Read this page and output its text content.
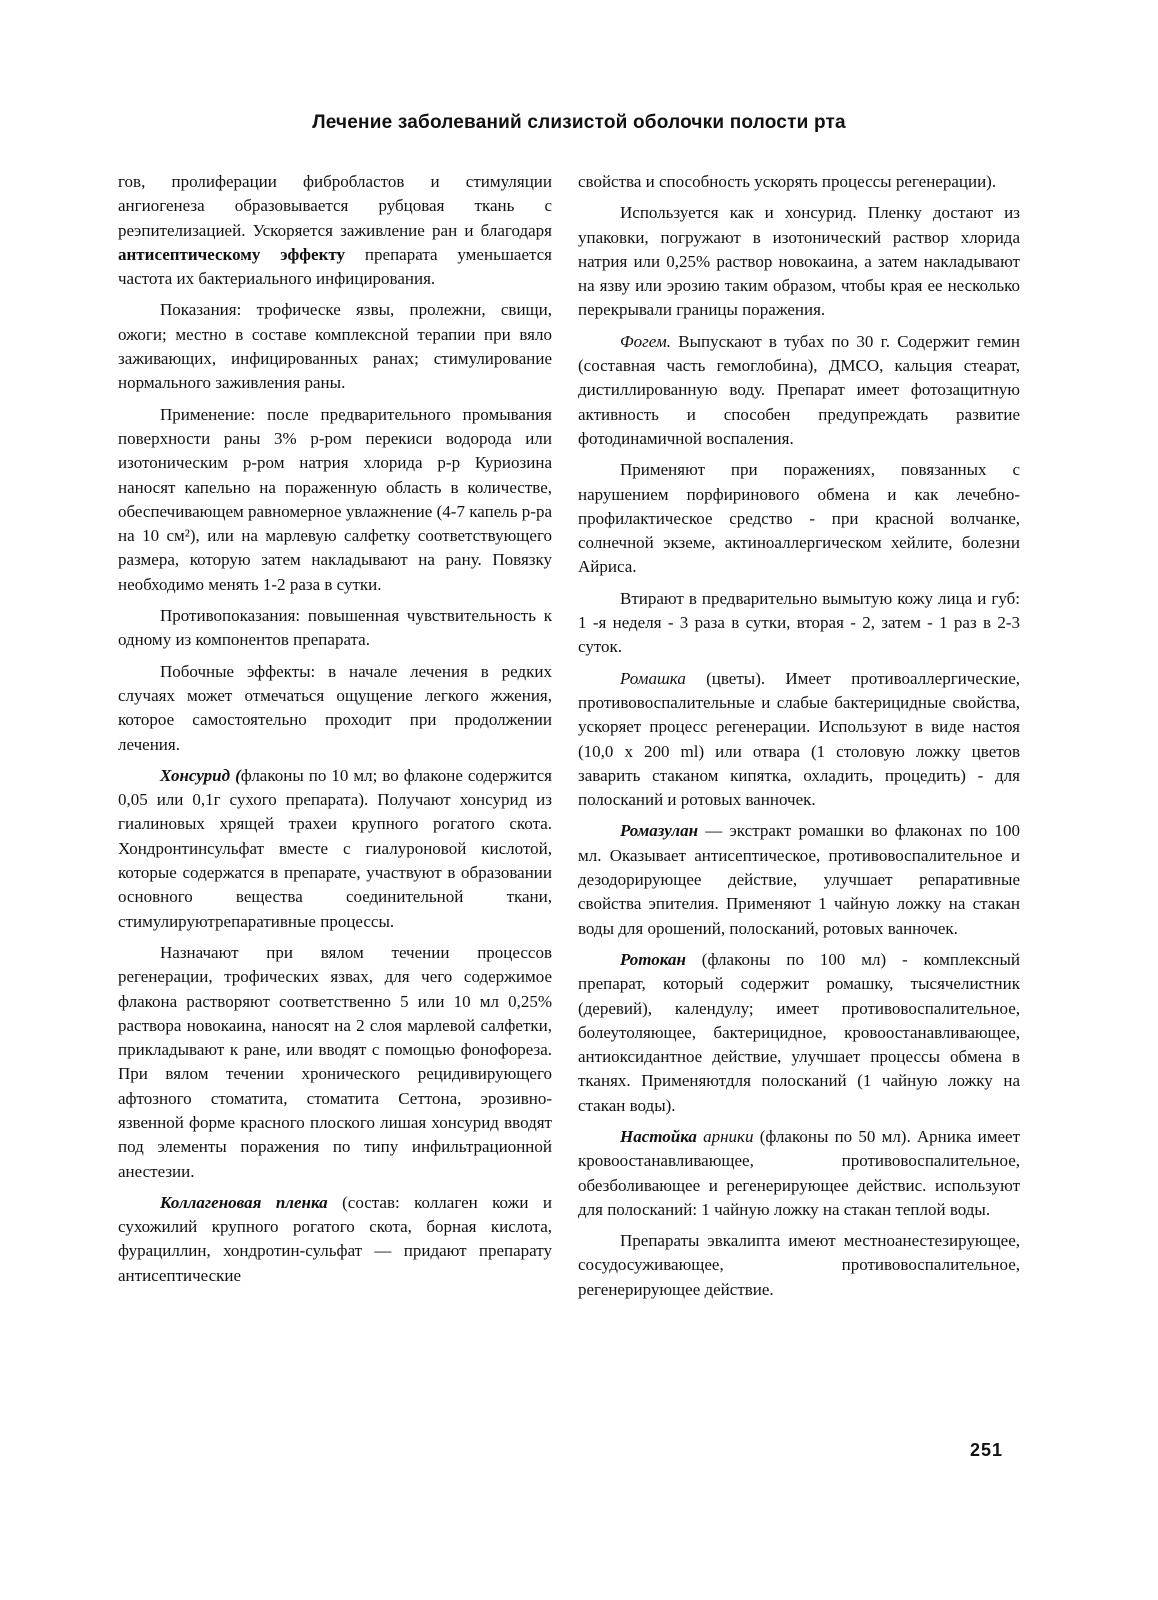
Лечение заболеваний слизистой оболочки полости рта

гов, пролиферации фибробластов и стимуляции ангиогенеза образовывается рубцовая ткань с реэпителизацией. Ускоряется заживление ран и благодаря антисептическому эффекту препарата уменьшается частота их бактериального инфицирования.

Показания: трофическе язвы, пролежни, свищи, ожоги; местно в составе комплексной терапии при вяло заживающих, инфицированных ранах; стимулирование нормального заживления раны.

Применение: после предварительного промывания поверхности раны 3% р-ром перекиси водорода или изотоническим р-ром натрия хлорида р-р Куриозина наносят капельно на пораженную область в количестве, обеспечивающем равномерное увлажнение (4-7 капель р-ра на 10 см²), или на марлевую салфетку соответствующего размера, которую затем накладывают на рану. Повязку необходимо менять 1-2 раза в сутки.

Противопоказания: повышенная чувствительность к одному из компонентов препарата.

Побочные эффекты: в начале лечения в редких случаях может отмечаться ощущение легкого жжения, которое самостоятельно проходит при продолжении лечения.

Хонсурид (флаконы по 10 мл; во флаконе содержится 0,05 или 0,1г сухого препарата). Получают хонсурид из гиалиновых хрящей трахеи крупного рогатого скота. Хондронтинсульфат вместе с гиалуроновой кислотой, которые содержатся в препарате, участвуют в образовании основного вещества соединительной ткани, стимулируютрепаративные процессы.

Назначают при вялом течении процессов регенерации, трофических язвах, для чего содержимое флакона растворяют соответственно 5 или 10 мл 0,25% раствора новокаина, наносят на 2 слоя марлевой салфетки, прикладывают к ране, или вводят с помощью фонофореза. При вялом течении хронического рецидивирующего афтозного стоматита, стоматита Сеттона, эрозивно-язвенной форме красного плоского лишая хонсурид вводят под элементы поражения по типу инфильтрационной анестезии.

Коллагеновая пленка (состав: коллаген кожи и сухожилий крупного рогатого скота, борная кислота, фурациллин, хондротин-сульфат — придают препарату антисептические

свойства и способность ускорять процессы регенерации).

Используется как и хонсурид. Пленку достают из упаковки, погружают в изотонический раствор хлорида натрия или 0,25% раствор новокаина, а затем накладывают на язву или эрозию таким образом, чтобы края ее несколько перекрывали границы поражения.

Фогем. Выпускают в тубах по 30 г. Содержит гемин (составная часть гемоглобина), ДМСО, кальция стеарат, дистиллированную воду. Препарат имеет фотозащитную активность и способен предупреждать развитие фотодинамичной воспаления.

Применяют при поражениях, повязанных с нарушением порфиринового обмена и как лечебно-профилактическое средство - при красной волчанке, солнечной экземе, актиноаллергическом хейлите, болезни Айриса.

Втирают в предварительно вымытую кожу лица и губ: 1 -я неделя - 3 раза в сутки, вторая - 2, затем - 1 раз в 2-3 суток.

Ромашка (цветы). Имеет противоаллергические, противовоспалительные и слабые бактерицидные свойства, ускоряет процесс регенерации. Используют в виде настоя (10,0 х 200 ml) или отвара (1 столовую ложку цветов заварить стаканом кипятка, охладить, процедить) - для полосканий и ротовых ванночек.

Ромазулан — экстракт ромашки во флаконах по 100 мл. Оказывает антисептическое, противовоспалительное и дезодорирующее действие, улучшает репаративные свойства эпителия. Применяют 1 чайную ложку на стакан воды для орошений, полосканий, ротовых ванночек.

Ротокан (флаконы по 100 мл) - комплексный препарат, который содержит ромашку, тысячелистник (деревий), календулу; имеет противовоспалительное, болеутоляющее, бактерицидное, кровоостанавливающее, антиоксидантное действие, улучшает процессы обмена в тканях. Применяютдля полосканий (1 чайную ложку на стакан воды).

Настойка арники (флаконы по 50 мл). Арника имеет кровоостанавливающее, противовоспалительное, обезболивающее и регенерирующее действис. используют для полосканий: 1 чайную ложку на стакан теплой воды.

Препараты эвкалипта имеют местноанестезирующее, сосудосуживающее, противовоспалительное, регенерирующее действие.

251
